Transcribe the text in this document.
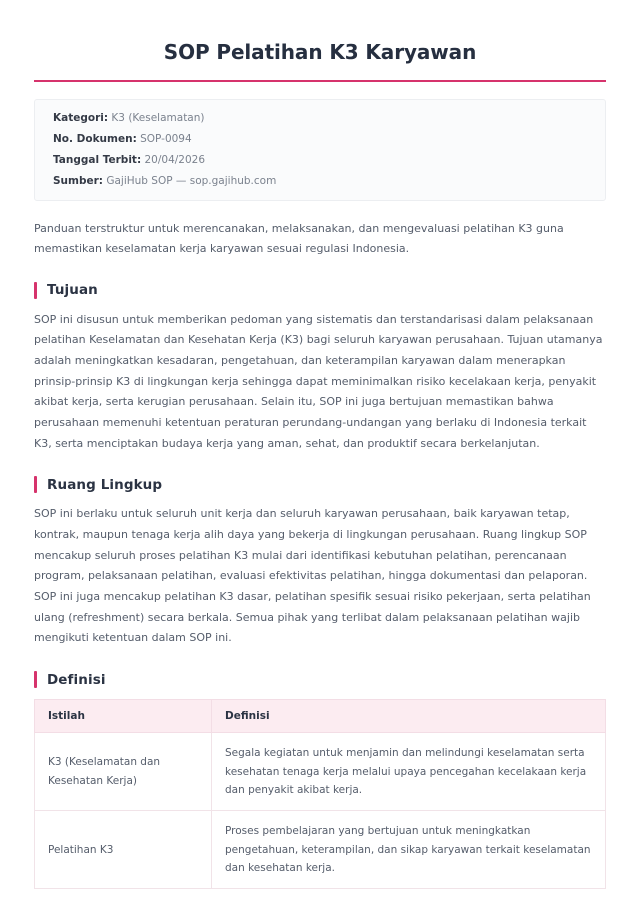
SOP Pelatihan K3 Karyawan
Kategori: K3 (Keselamatan)
No. Dokumen: SOP-0094
Tanggal Terbit: 20/04/2026
Sumber: GajiHub SOP — sop.gajihub.com

Panduan terstruktur untuk merencanakan, melaksanakan, dan mengevaluasi pelatihan K3 guna memastikan keselamatan kerja karyawan sesuai regulasi Indonesia.

Tujuan

SOP ini disusun untuk memberikan pedoman yang sistematis dan terstandarisasi dalam pelaksanaan pelatihan Keselamatan dan Kesehatan Kerja (K3) bagi seluruh karyawan perusahaan. Tujuan utamanya adalah meningkatkan kesadaran, pengetahuan, dan keterampilan karyawan dalam menerapkan prinsip-prinsip K3 di lingkungan kerja sehingga dapat meminimalkan risiko kecelakaan kerja, penyakit akibat kerja, serta kerugian perusahaan. Selain itu, SOP ini juga bertujuan memastikan bahwa perusahaan memenuhi ketentuan peraturan perundang-undangan yang berlaku di Indonesia terkait K3, serta menciptakan budaya kerja yang aman, sehat, dan produktif secara berkelanjutan.

Ruang Lingkup

SOP ini berlaku untuk seluruh unit kerja dan seluruh karyawan perusahaan, baik karyawan tetap, kontrak, maupun tenaga kerja alih daya yang bekerja di lingkungan perusahaan. Ruang lingkup SOP mencakup seluruh proses pelatihan K3 mulai dari identifikasi kebutuhan pelatihan, perencanaan program, pelaksanaan pelatihan, evaluasi efektivitas pelatihan, hingga dokumentasi dan pelaporan. SOP ini juga mencakup pelatihan K3 dasar, pelatihan spesifik sesuai risiko pekerjaan, serta pelatihan ulang (refreshment) secara berkala. Semua pihak yang terlibat dalam pelaksanaan pelatihan wajib mengikuti ketentuan dalam SOP ini.

Definisi
Istilah	Definisi
K3 (Keselamatan dan Kesehatan Kerja)	Segala kegiatan untuk menjamin dan melindungi keselamatan serta kesehatan tenaga kerja melalui upaya pencegahan kecelakaan kerja dan penyakit akibat kerja.
Pelatihan K3	Proses pembelajaran yang bertujuan untuk meningkatkan pengetahuan, keterampilan, dan sikap karyawan terkait keselamatan dan kesehatan kerja.
